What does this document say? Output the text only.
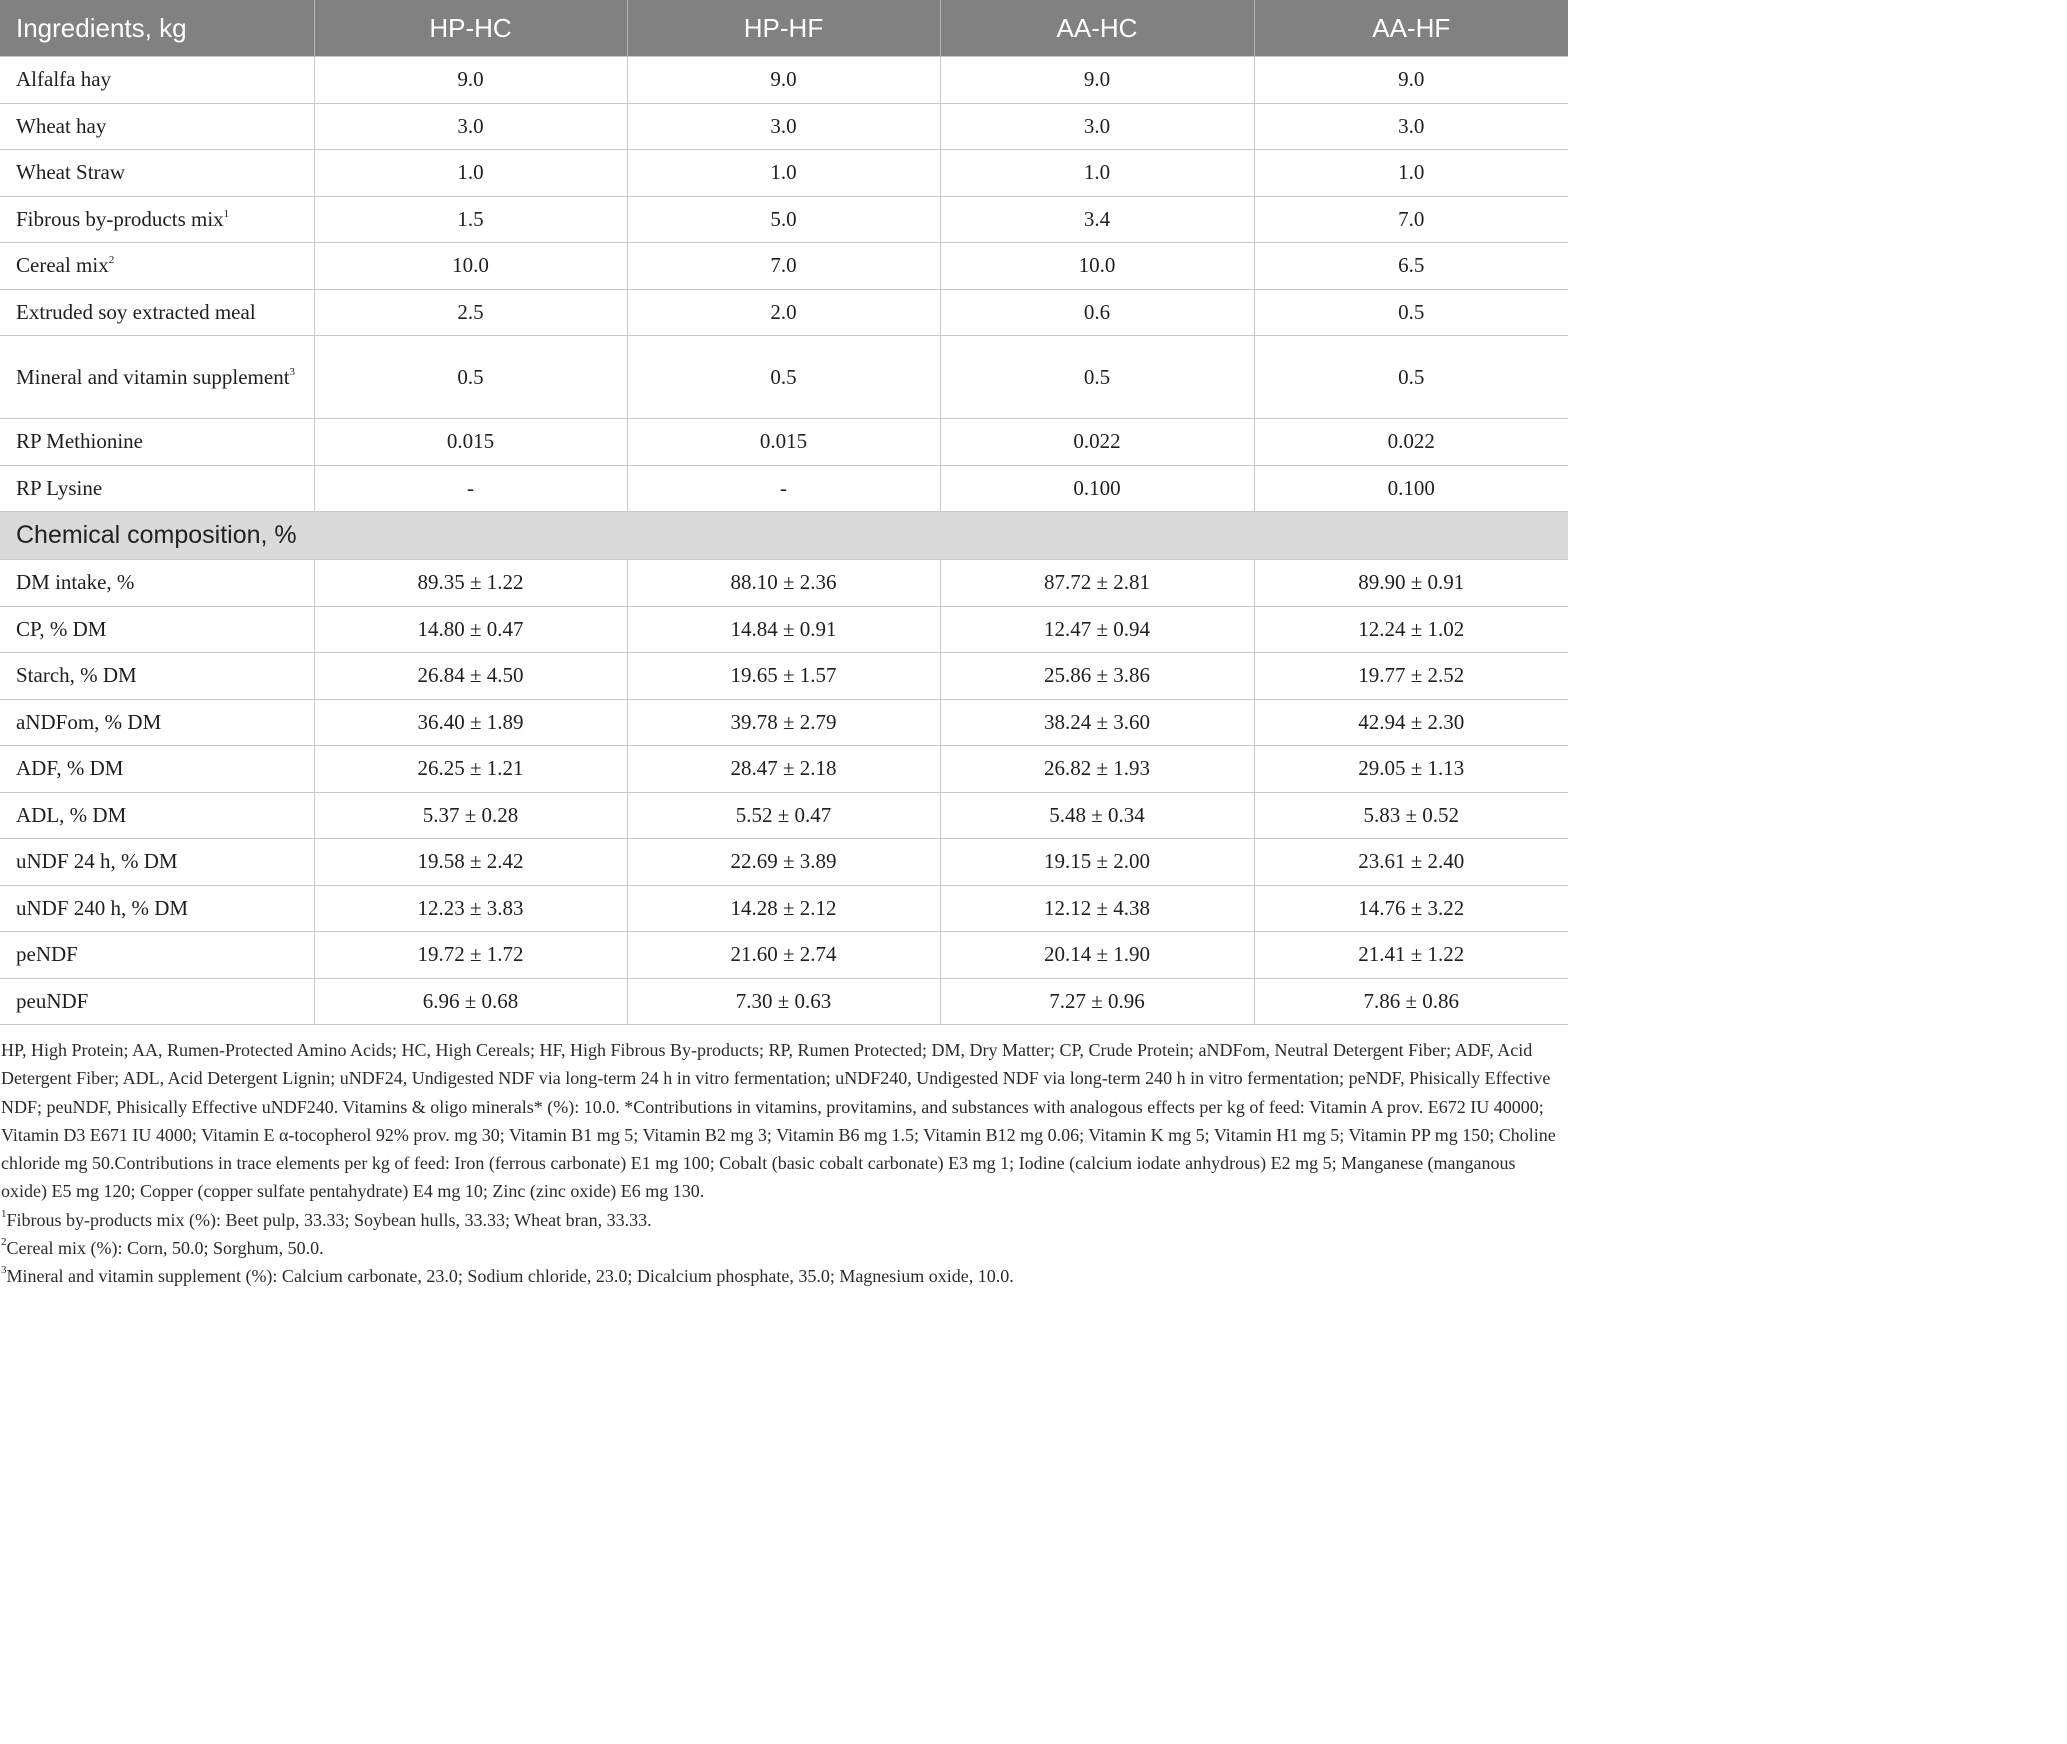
Ingredients, kg	HP-HC	HP-HF	AA-HC	AA-HF
Alfalfa hay	9.0	9.0	9.0	9.0
Wheat hay	3.0	3.0	3.0	3.0
Wheat Straw	1.0	1.0	1.0	1.0
Fibrous by-products mix$^1$	1.5	5.0	3.4	7.0
Cereal mix$^2$	10.0	7.0	10.0	6.5
Extruded soy extracted meal	2.5	2.0	0.6	0.5
Mineral and vitamin supplement$^3$	0.5	0.5	0.5	0.5
RP Methionine	0.015	0.015	0.022	0.022
RP Lysine	-	-	0.100	0.100
Chemical composition, %				
DM intake, %	89.35 ± 1.22	88.10 ± 2.36	87.72 ± 2.81	89.90 ± 0.91
CP, % DM	14.80 ± 0.47	14.84 ± 0.91	12.47 ± 0.94	12.24 ± 1.02
Starch, % DM	26.84 ± 4.50	19.65 ± 1.57	25.86 ± 3.86	19.77 ± 2.52
aNDFom, % DM	36.40 ± 1.89	39.78 ± 2.79	38.24 ± 3.60	42.94 ± 2.30
ADF, % DM	26.25 ± 1.21	28.47 ± 2.18	26.82 ± 1.93	29.05 ± 1.13
ADL, % DM	5.37 ± 0.28	5.52 ± 0.47	5.48 ± 0.34	5.83 ± 0.52
uNDF 24 h, % DM	19.58 ± 2.42	22.69 ± 3.89	19.15 ± 2.00	23.61 ± 2.40
uNDF 240 h, % DM	12.23 ± 3.83	14.28 ± 2.12	12.12 ± 4.38	14.76 ± 3.22
peNDF	19.72 ± 1.72	21.60 ± 2.74	20.14 ± 1.90	21.41 ± 1.22
peuNDF	6.96 ± 0.68	7.30 ± 0.63	7.27 ± 0.96	7.86 ± 0.86

HP, High Protein; AA, Rumen-Protected Amino Acids; HC, High Cereals; HF, High Fibrous By-products; RP, Rumen Protected; DM, Dry Matter; CP, Crude Protein; aNDFom, Neutral Detergent Fiber; ADF, Acid Detergent Fiber; ADL, Acid Detergent Lignin; uNDF24, Undigested NDF via long-term 24 h in vitro fermentation; uNDF240, Undigested NDF via long-term 240 h in vitro fermentation; peNDF, Phisically Effective NDF; peuNDF, Phisically Effective uNDF240. Vitamins & oligo minerals* (%): 10.0. *Contributions in vitamins, provitamins, and substances with analogous effects per kg of feed: Vitamin A prov. E672 IU 40000; Vitamin D3 E671 IU 4000; Vitamin E α-tocopherol 92% prov. mg 30; Vitamin B1 mg 5; Vitamin B2 mg 3; Vitamin B6 mg 1.5; Vitamin B12 mg 0.06; Vitamin K mg 5; Vitamin H1 mg 5; Vitamin PP mg 150; Choline chloride mg 50.Contributions in trace elements per kg of feed: Iron (ferrous carbonate) E1 mg 100; Cobalt (basic cobalt carbonate) E3 mg 1; Iodine (calcium iodate anhydrous) E2 mg 5; Manganese (manganous oxide) E5 mg 120; Copper (copper sulfate pentahydrate) E4 mg 10; Zinc (zinc oxide) E6 mg 130.

$^1$Fibrous by-products mix (%): Beet pulp, 33.33; Soybean hulls, 33.33; Wheat bran, 33.33.

$^2$Cereal mix (%): Corn, 50.0; Sorghum, 50.0.

$^3$Mineral and vitamin supplement (%): Calcium carbonate, 23.0; Sodium chloride, 23.0; Dicalcium phosphate, 35.0; Magnesium oxide, 10.0.
